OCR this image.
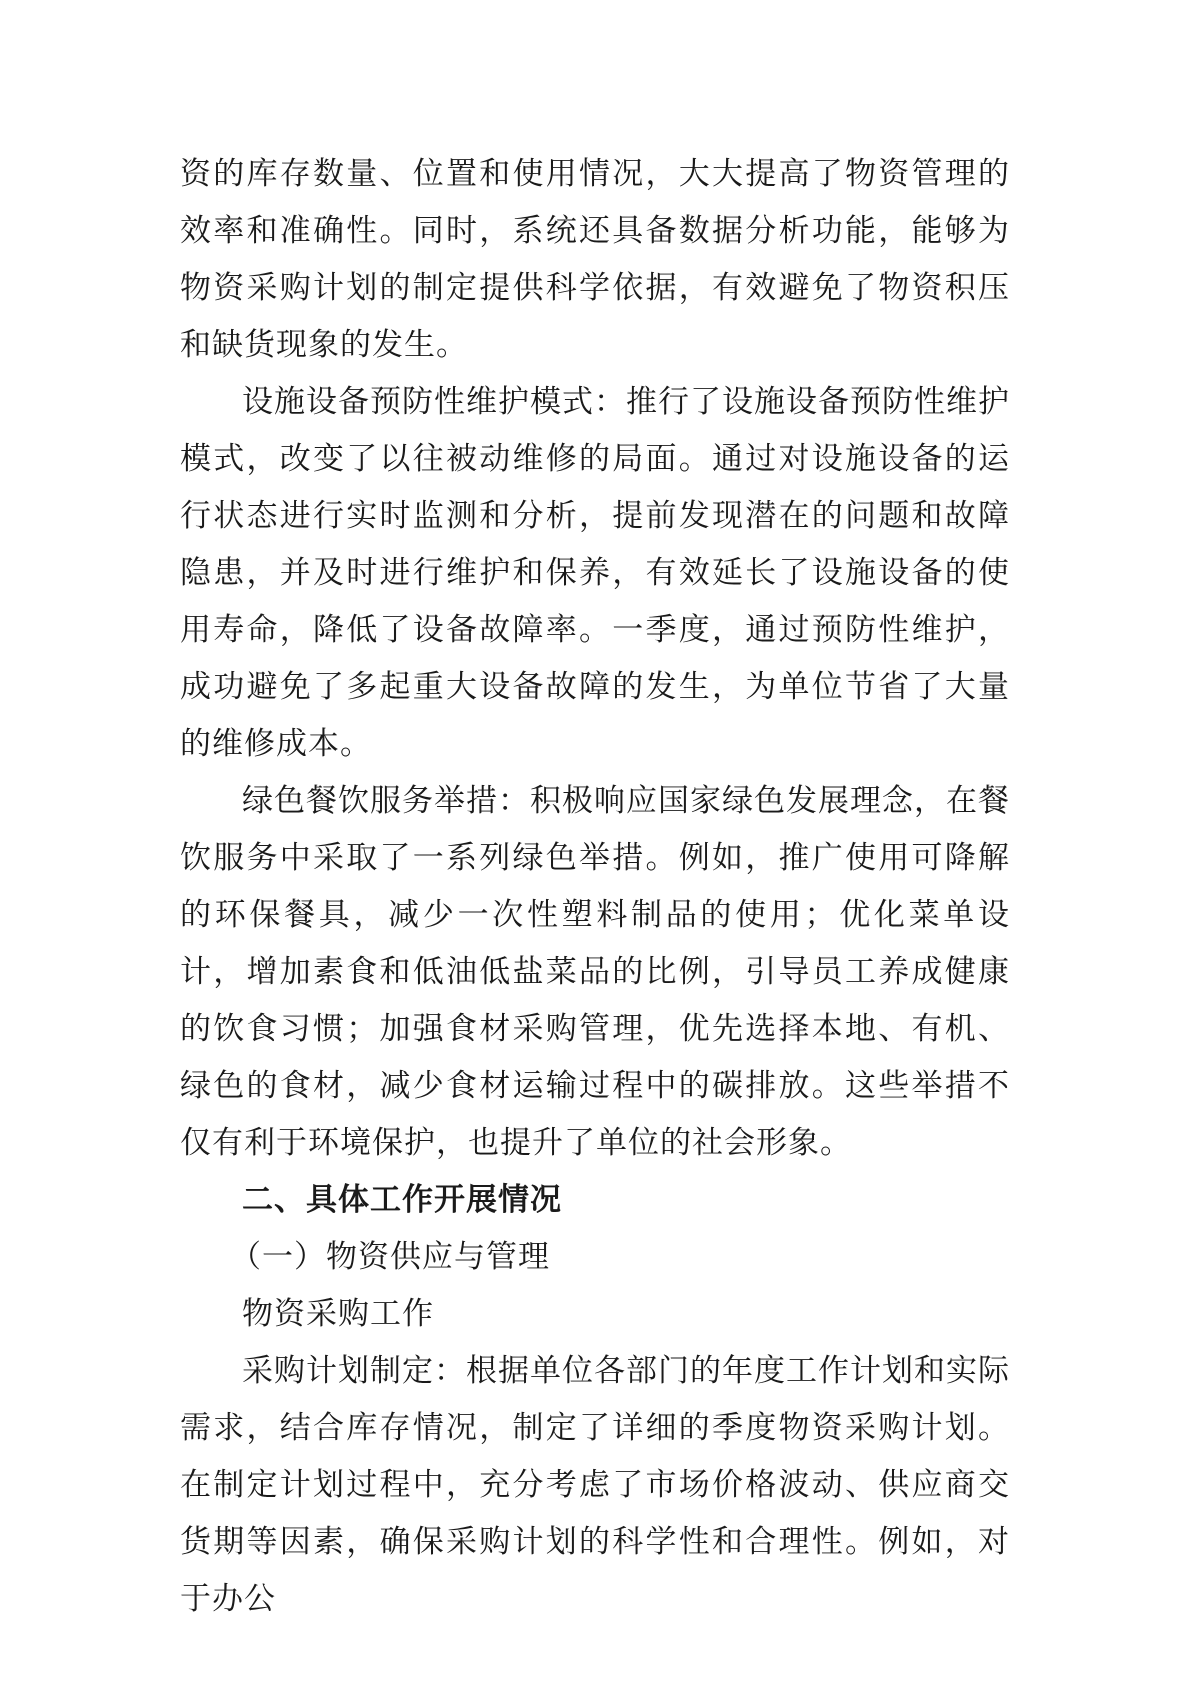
资的库存数量、位置和使用情况，大大提高了物资管理的效率和准确性。同时，系统还具备数据分析功能，能够为物资采购计划的制定提供科学依据，有效避免了物资积压和缺货现象的发生。

设施设备预防性维护模式：推行了设施设备预防性维护模式，改变了以往被动维修的局面。通过对设施设备的运行状态进行实时监测和分析，提前发现潜在的问题和故障隐患，并及时进行维护和保养，有效延长了设施设备的使用寿命，降低了设备故障率。一季度，通过预防性维护，成功避免了多起重大设备故障的发生，为单位节省了大量的维修成本。

绿色餐饮服务举措：积极响应国家绿色发展理念，在餐饮服务中采取了一系列绿色举措。例如，推广使用可降解的环保餐具，减少一次性塑料制品的使用；优化菜单设计，增加素食和低油低盐菜品的比例，引导员工养成健康的饮食习惯；加强食材采购管理，优先选择本地、有机、绿色的食材，减少食材运输过程中的碳排放。这些举措不仅有利于环境保护，也提升了单位的社会形象。

二、具体工作开展情况

（一）物资供应与管理

物资采购工作

采购计划制定：根据单位各部门的年度工作计划和实际需求，结合库存情况，制定了详细的季度物资采购计划。在制定计划过程中，充分考虑了市场价格波动、供应商交货期等因素，确保采购计划的科学性和合理性。例如，对于办公
